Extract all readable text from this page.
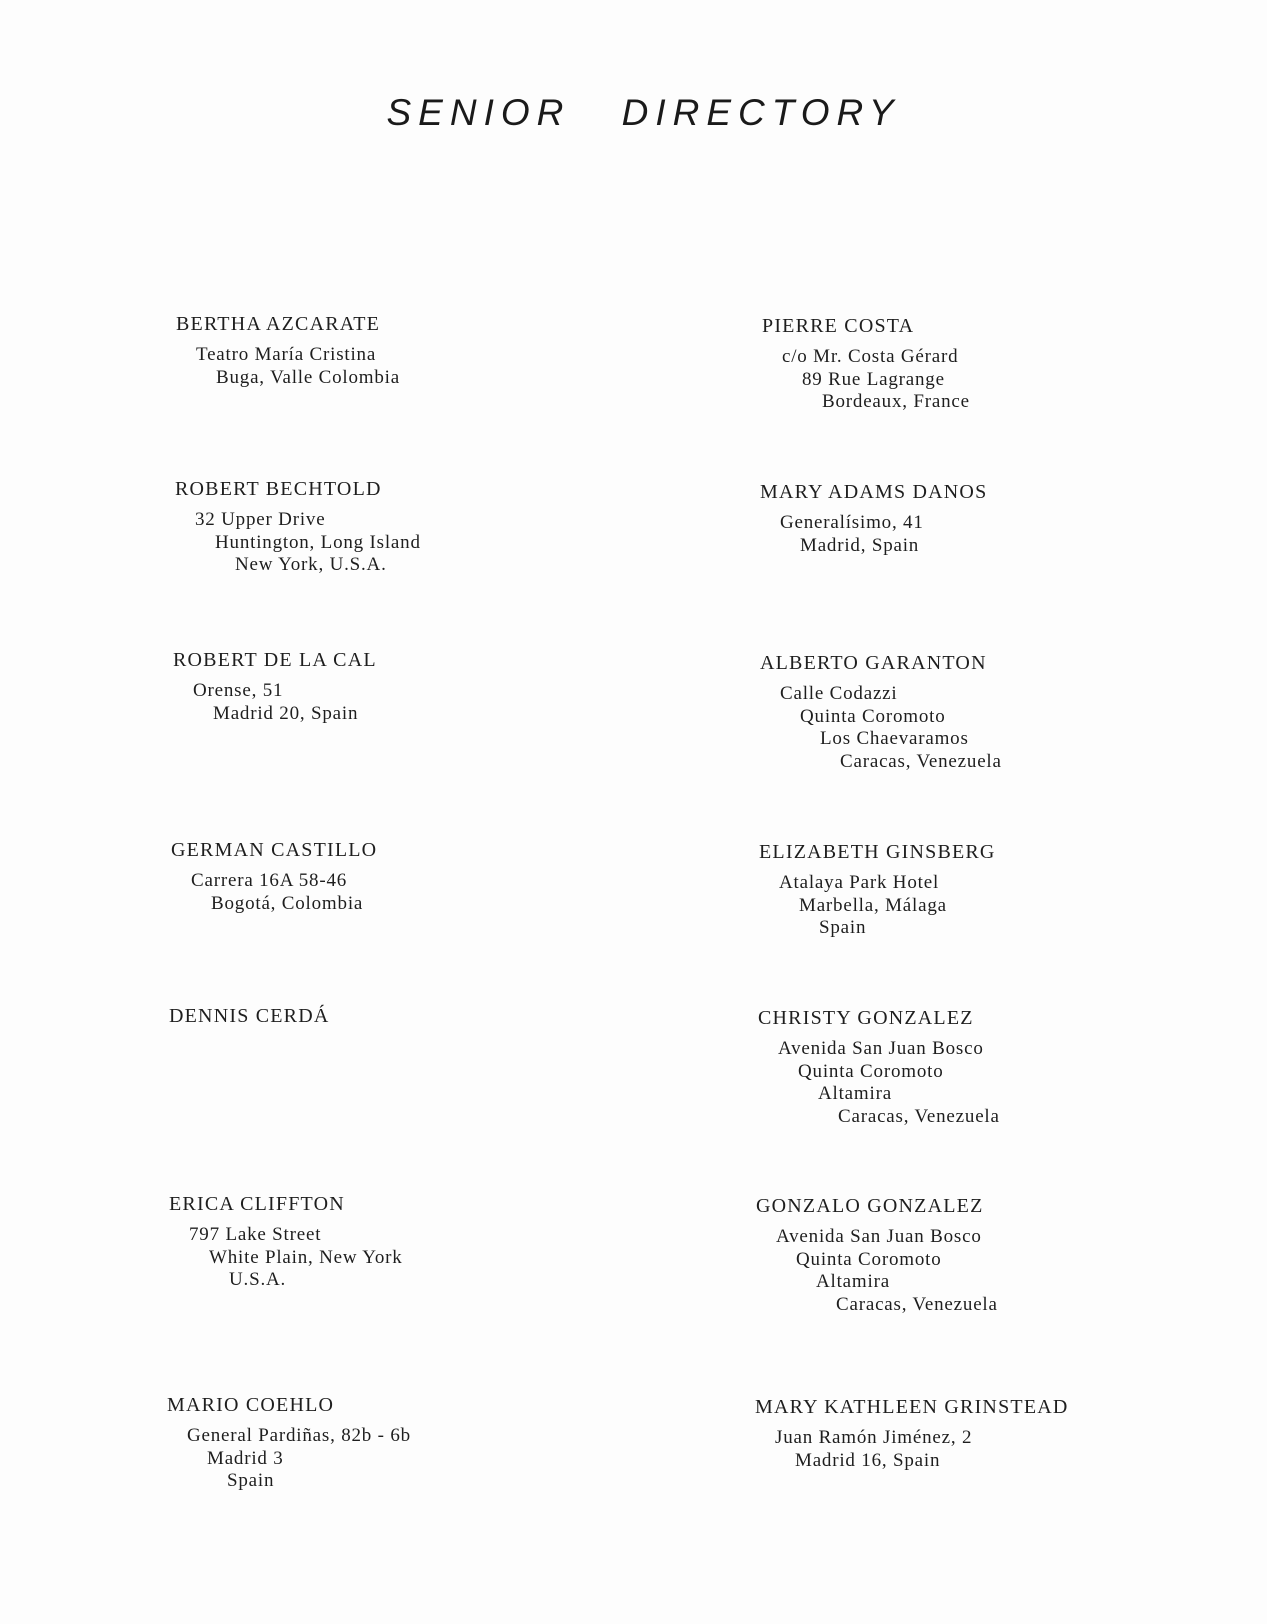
SENIOR DIRECTORY
BERTHA AZCARATE
Teatro María Cristina
Buga, Valle Colombia
ROBERT BECHTOLD
32 Upper Drive
Huntington, Long Island
New York, U.S.A.
ROBERT DE LA CAL
Orense, 51
Madrid 20, Spain
GERMAN CASTILLO
Carrera 16A 58-46
Bogotá, Colombia
DENNIS CERDÁ
ERICA CLIFFTON
797 Lake Street
White Plain, New York
U.S.A.
MARIO COEHLO
General Pardiñas, 82b - 6b
Madrid 3
Spain
PIERRE COSTA
c/o Mr. Costa Gérard
89 Rue Lagrange
Bordeaux, France
MARY ADAMS DANOS
Generalísimo, 41
Madrid, Spain
ALBERTO GARANTON
Calle Codazzi
Quinta Coromoto
Los Chaevaramos
Caracas, Venezuela
ELIZABETH GINSBERG
Atalaya Park Hotel
Marbella, Málaga
Spain
CHRISTY GONZALEZ
Avenida San Juan Bosco
Quinta Coromoto
Altamira
Caracas, Venezuela
GONZALO GONZALEZ
Avenida San Juan Bosco
Quinta Coromoto
Altamira
Caracas, Venezuela
MARY KATHLEEN GRINSTEAD
Juan Ramón Jiménez, 2
Madrid 16, Spain
